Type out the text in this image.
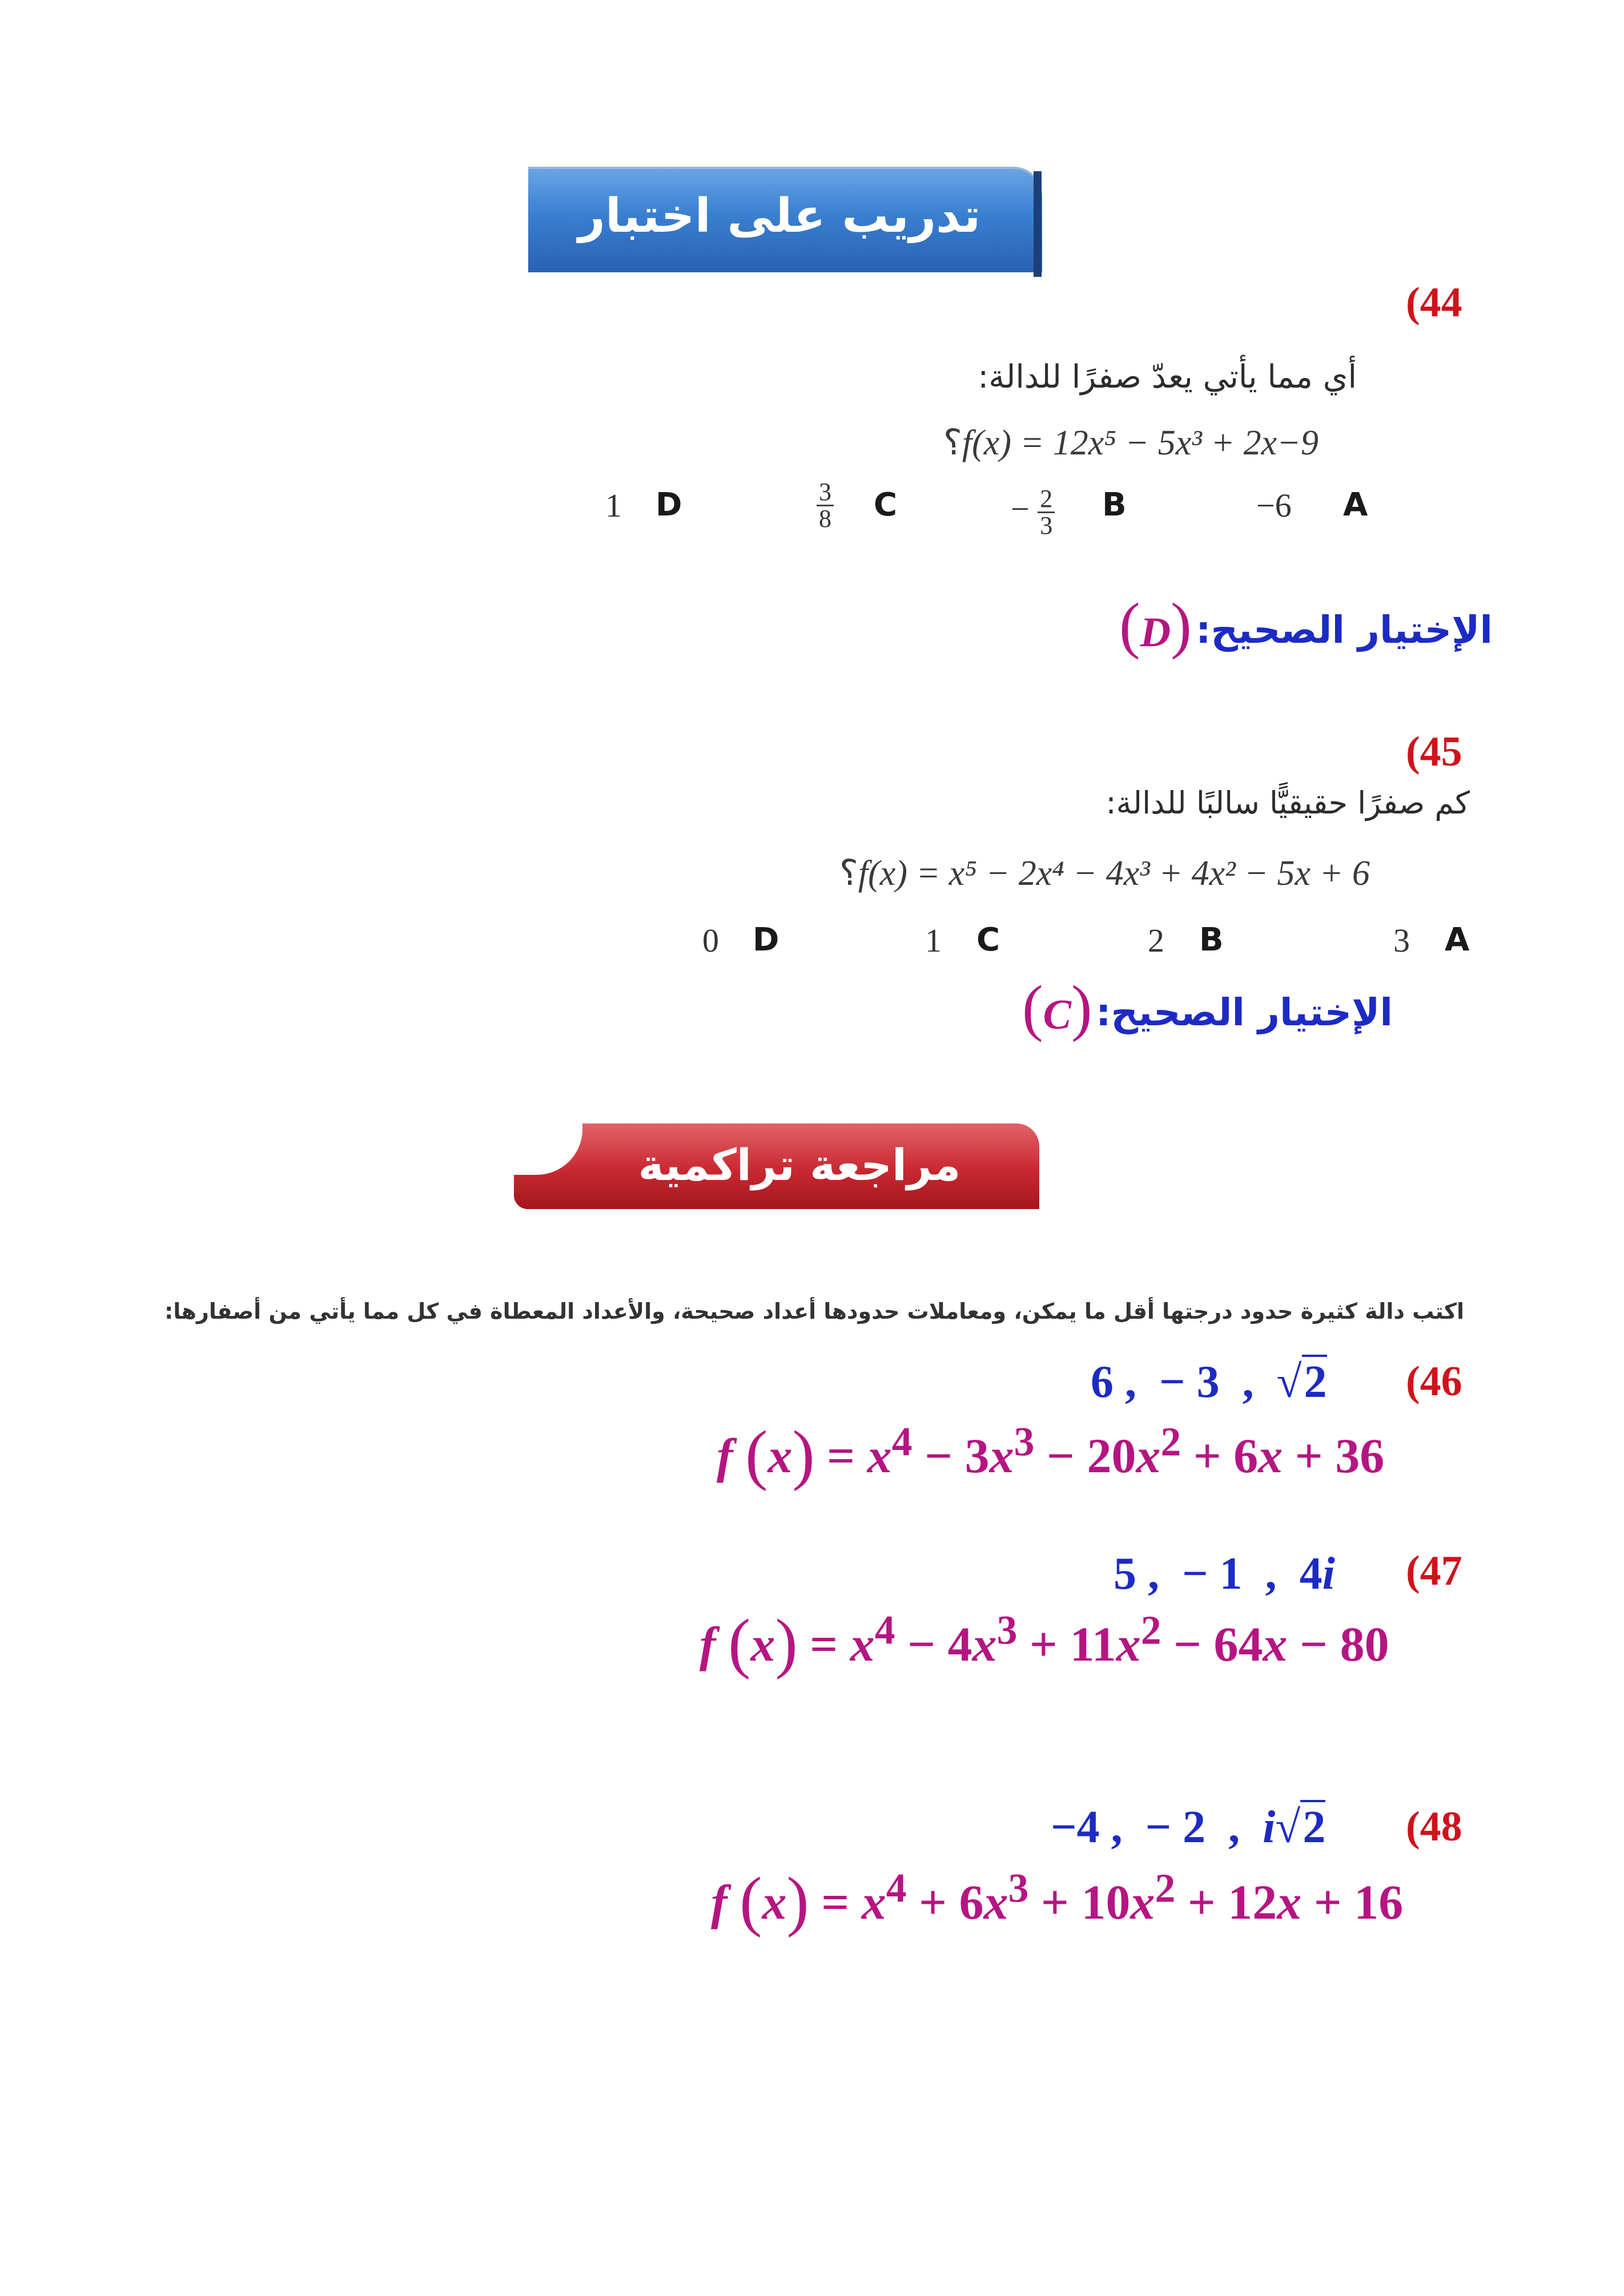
تدريب على اختبار
(44
أي مما يأتي يعدّ صفرًا للدالة:
؟f(x) = 12x⁵ − 5x³ + 2x−9
A
−6
B
− $\frac{2}{3}$
C
$\frac{3}{8}$
D
1
(D) الإختيار الصحيح:
(45
كم صفرًا حقيقيًّا سالبًا للدالة:
؟f(x) = x⁵ − 2x⁴ − 4x³ + 4x² − 5x + 6
A
3
B
2
C
1
D
0
(C) الإختيار الصحيح:
مراجعة تراكمية
اكتب دالة كثيرة حدود درجتها أقل ما يمكن، ومعاملات حدودها أعداد صحيحة، والأعداد المعطاة في كل مما يأتي من أصفارها:
(46
6 ,  − 3  ,  √2
f $(x) = x^4 - 3x^3 - 20x^2 + 6x + 36$
(47
5 ,  − 1  ,  4i
f $(x) = x^4 - 4x^3 + 11x^2 - 64x - 80$
(48
−4 ,  − 2  ,  i√2
f $(x) = x^4 + 6x^3 + 10x^2 + 12x + 16$
